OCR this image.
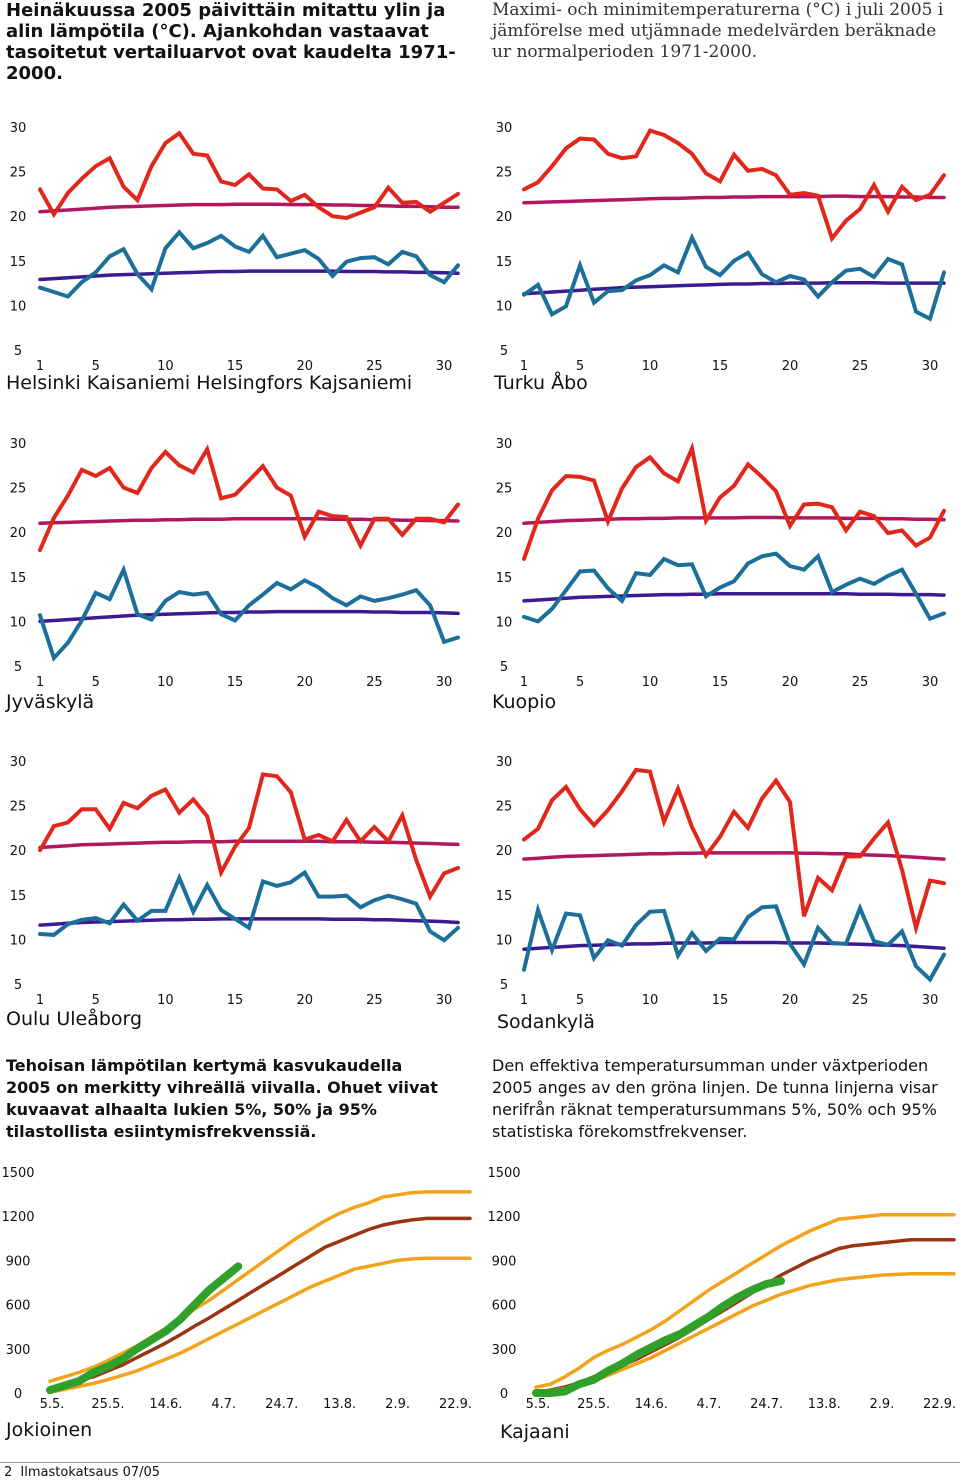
Heinäkuussa 2005 päivittäin mitattu ylin ja alin lämpötila (°C). Ajankohdan vastaavat tasoitetut vertailuarvot ovat kaudelta 1971-2000.

Maximi- och minimitemperaturerna (°C) i juli 2005 i jämförelse med utjämnade medelvärden beräknade ur normalperioden 1971-2000.

5
10
15
20
25
30
1	5	10	15	20	25	30
Helsinki Kaisaniemi Helsingfors Kajsaniemi
5
10
15
20
25
30
1	5	10	15	20	25	30
Turku Åbo
5
10
15
20
25
30
1	5	10	15	20	25	30
Jyväskylä
5
10
15
20
25
30
1	5	10	15	20	25	30
Kuopio
5
10
15
20
25
30
1	5	10	15	20	25	30
Oulu Uleåborg
5
10
15
20
25
30
1	5	10	15	20	25	30
Sodankylä
0
300
600
900
1200
1500
5.5. 25.5. 14.6. 4.7. 24.7. 13.8. 2.9. 22.9.
Jokioinen
0
300
600
900
1200
1500
5.5. 25.5. 14.6. 4.7. 24.7. 13.8. 2.9. 22.9.
Kajaani

Tehoisan lämpötilan kertymä kasvukaudella 2005 on merkitty vihreällä viivalla. Ohuet viivat kuvaavat alhaalta lukien 5%, 50% ja 95% tilastollista esiintymisfrekvenssiä.

Den effektiva temperatursumman under växtperioden 2005 anges av den gröna linjen. De tunna linjerna visar nerifrån räknat temperatursummans 5%, 50% och 95% statistiska förekomstfrekvenser.

2 Ilmastokatsaus 07/05
